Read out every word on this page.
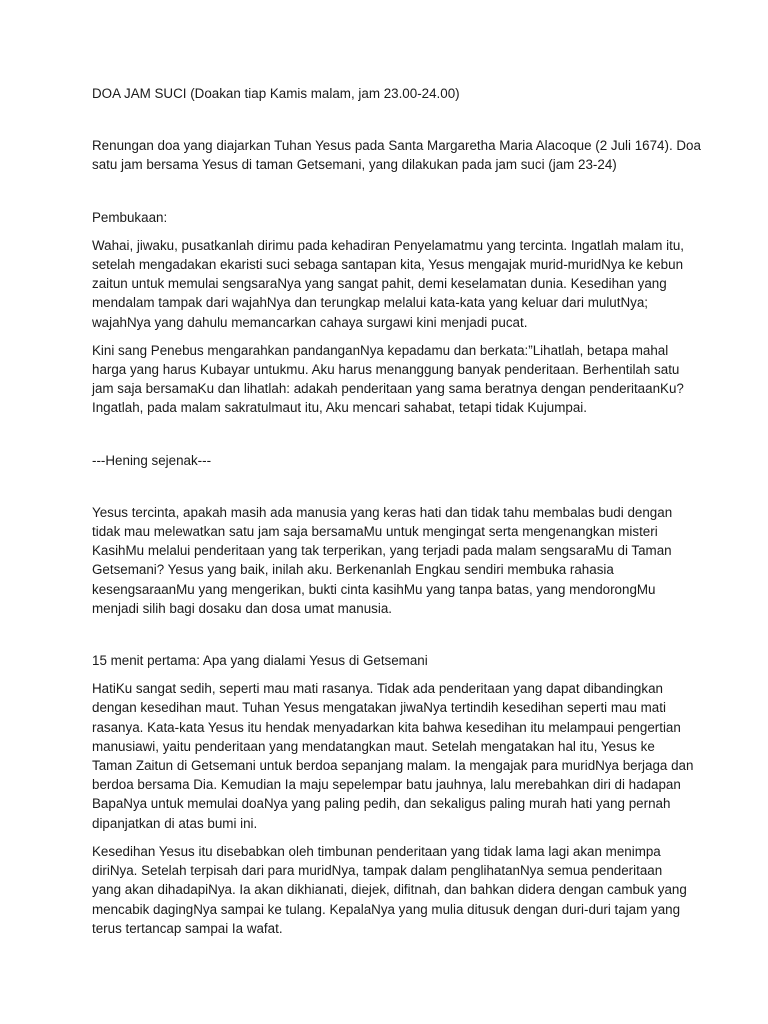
DOA JAM SUCI (Doakan tiap Kamis malam, jam 23.00-24.00)

Renungan doa yang diajarkan Tuhan Yesus pada Santa Margaretha Maria Alacoque (2 Juli 1674). Doa

satu jam bersama Yesus di taman Getsemani, yang dilakukan pada jam suci (jam 23-24)

Pembukaan:

Wahai, jiwaku, pusatkanlah dirimu pada kehadiran Penyelamatmu yang tercinta. Ingatlah malam itu,

setelah mengadakan ekaristi suci sebaga santapan kita, Yesus mengajak murid-muridNya ke kebun

zaitun untuk memulai sengsaraNya yang sangat pahit, demi keselamatan dunia. Kesedihan yang

mendalam tampak dari wajahNya dan terungkap melalui kata-kata yang keluar dari mulutNya;

wajahNya yang dahulu memancarkan cahaya surgawi kini menjadi pucat.

Kini sang Penebus mengarahkan pandanganNya kepadamu dan berkata:”Lihatlah, betapa mahal

harga yang harus Kubayar untukmu. Aku harus menanggung banyak penderitaan. Berhentilah satu

jam saja bersamaKu dan lihatlah: adakah penderitaan yang sama beratnya dengan penderitaanKu?

Ingatlah, pada malam sakratulmaut itu, Aku mencari sahabat, tetapi tidak Kujumpai.

---Hening sejenak---

Yesus tercinta, apakah masih ada manusia yang keras hati dan tidak tahu membalas budi dengan

tidak mau melewatkan satu jam saja bersamaMu untuk mengingat serta mengenangkan misteri

KasihMu melalui penderitaan yang tak terperikan, yang terjadi pada malam sengsaraMu di Taman

Getsemani? Yesus yang baik, inilah aku. Berkenanlah Engkau sendiri membuka rahasia

kesengsaraanMu yang mengerikan, bukti cinta kasihMu yang tanpa batas, yang mendorongMu

menjadi silih bagi dosaku dan dosa umat manusia.

15 menit pertama: Apa yang dialami Yesus di Getsemani

HatiKu sangat sedih, seperti mau mati rasanya. Tidak ada penderitaan yang dapat dibandingkan

dengan kesedihan maut. Tuhan Yesus mengatakan jiwaNya tertindih kesedihan seperti mau mati

rasanya. Kata-kata Yesus itu hendak menyadarkan kita bahwa kesedihan itu melampaui pengertian

manusiawi, yaitu penderitaan yang mendatangkan maut. Setelah mengatakan hal itu, Yesus ke

Taman Zaitun di Getsemani untuk berdoa sepanjang malam. Ia mengajak para muridNya berjaga dan

berdoa bersama Dia. Kemudian Ia maju sepelempar batu jauhnya, lalu merebahkan diri di hadapan

BapaNya untuk memulai doaNya yang paling pedih, dan sekaligus paling murah hati yang pernah

dipanjatkan di atas bumi ini.

Kesedihan Yesus itu disebabkan oleh timbunan penderitaan yang tidak lama lagi akan menimpa

diriNya. Setelah terpisah dari para muridNya, tampak dalam penglihatanNya semua penderitaan

yang akan dihadapiNya. Ia akan dikhianati, diejek, difitnah, dan bahkan didera dengan cambuk yang

mencabik dagingNya sampai ke tulang. KepalaNya yang mulia ditusuk dengan duri-duri tajam yang

terus tertancap sampai Ia wafat.
